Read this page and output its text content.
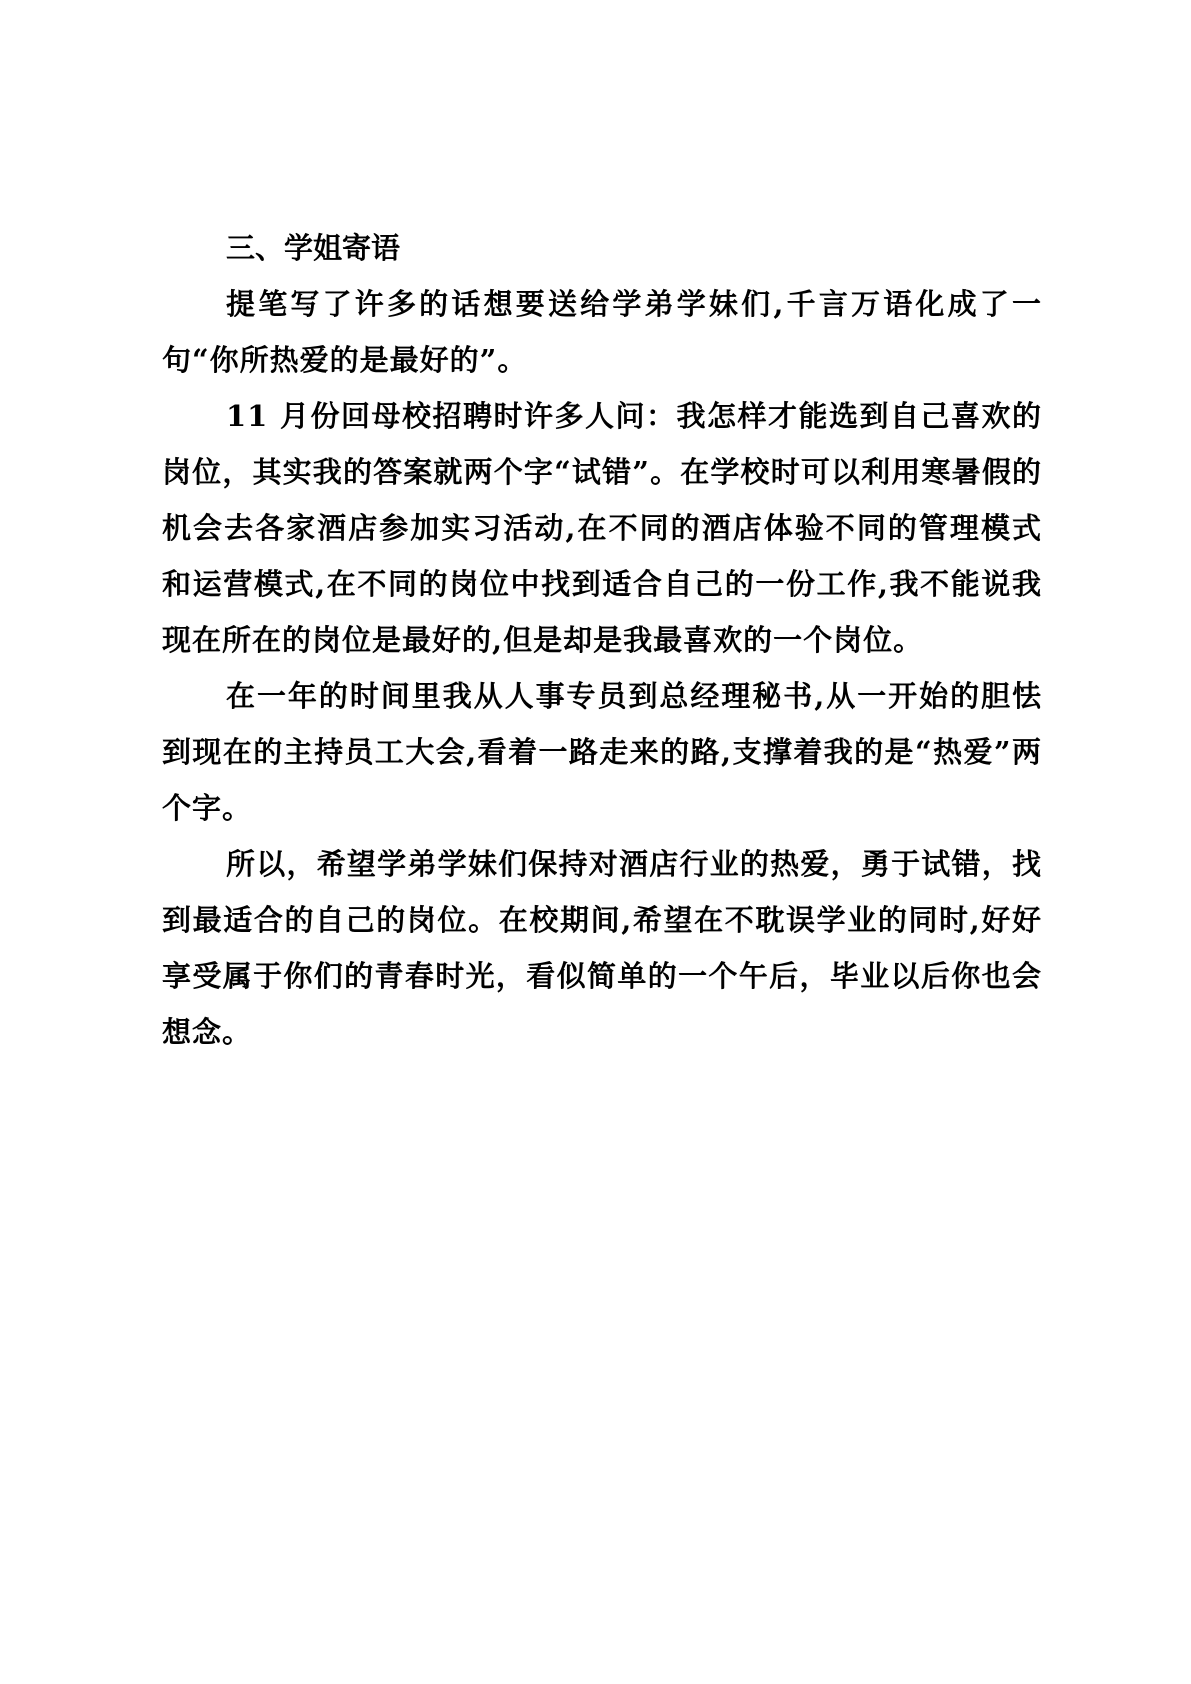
三、学姐寄语

提笔写了许多的话想要送给学弟学妹们,千言万语化成了一句“你所热爱的是最好的”。

11 月份回母校招聘时许多人问：我怎样才能选到自己喜欢的岗位，其实我的答案就两个字“试错”。在学校时可以利用寒暑假的机会去各家酒店参加实习活动,在不同的酒店体验不同的管理模式和运营模式,在不同的岗位中找到适合自己的一份工作,我不能说我现在所在的岗位是最好的,但是却是我最喜欢的一个岗位。

在一年的时间里我从人事专员到总经理秘书,从一开始的胆怯到现在的主持员工大会,看着一路走来的路,支撑着我的是“热爱”两个字。

所以，希望学弟学妹们保持对酒店行业的热爱，勇于试错，找到最适合的自己的岗位。在校期间,希望在不耽误学业的同时,好好享受属于你们的青春时光，看似简单的一个午后，毕业以后你也会想念。
